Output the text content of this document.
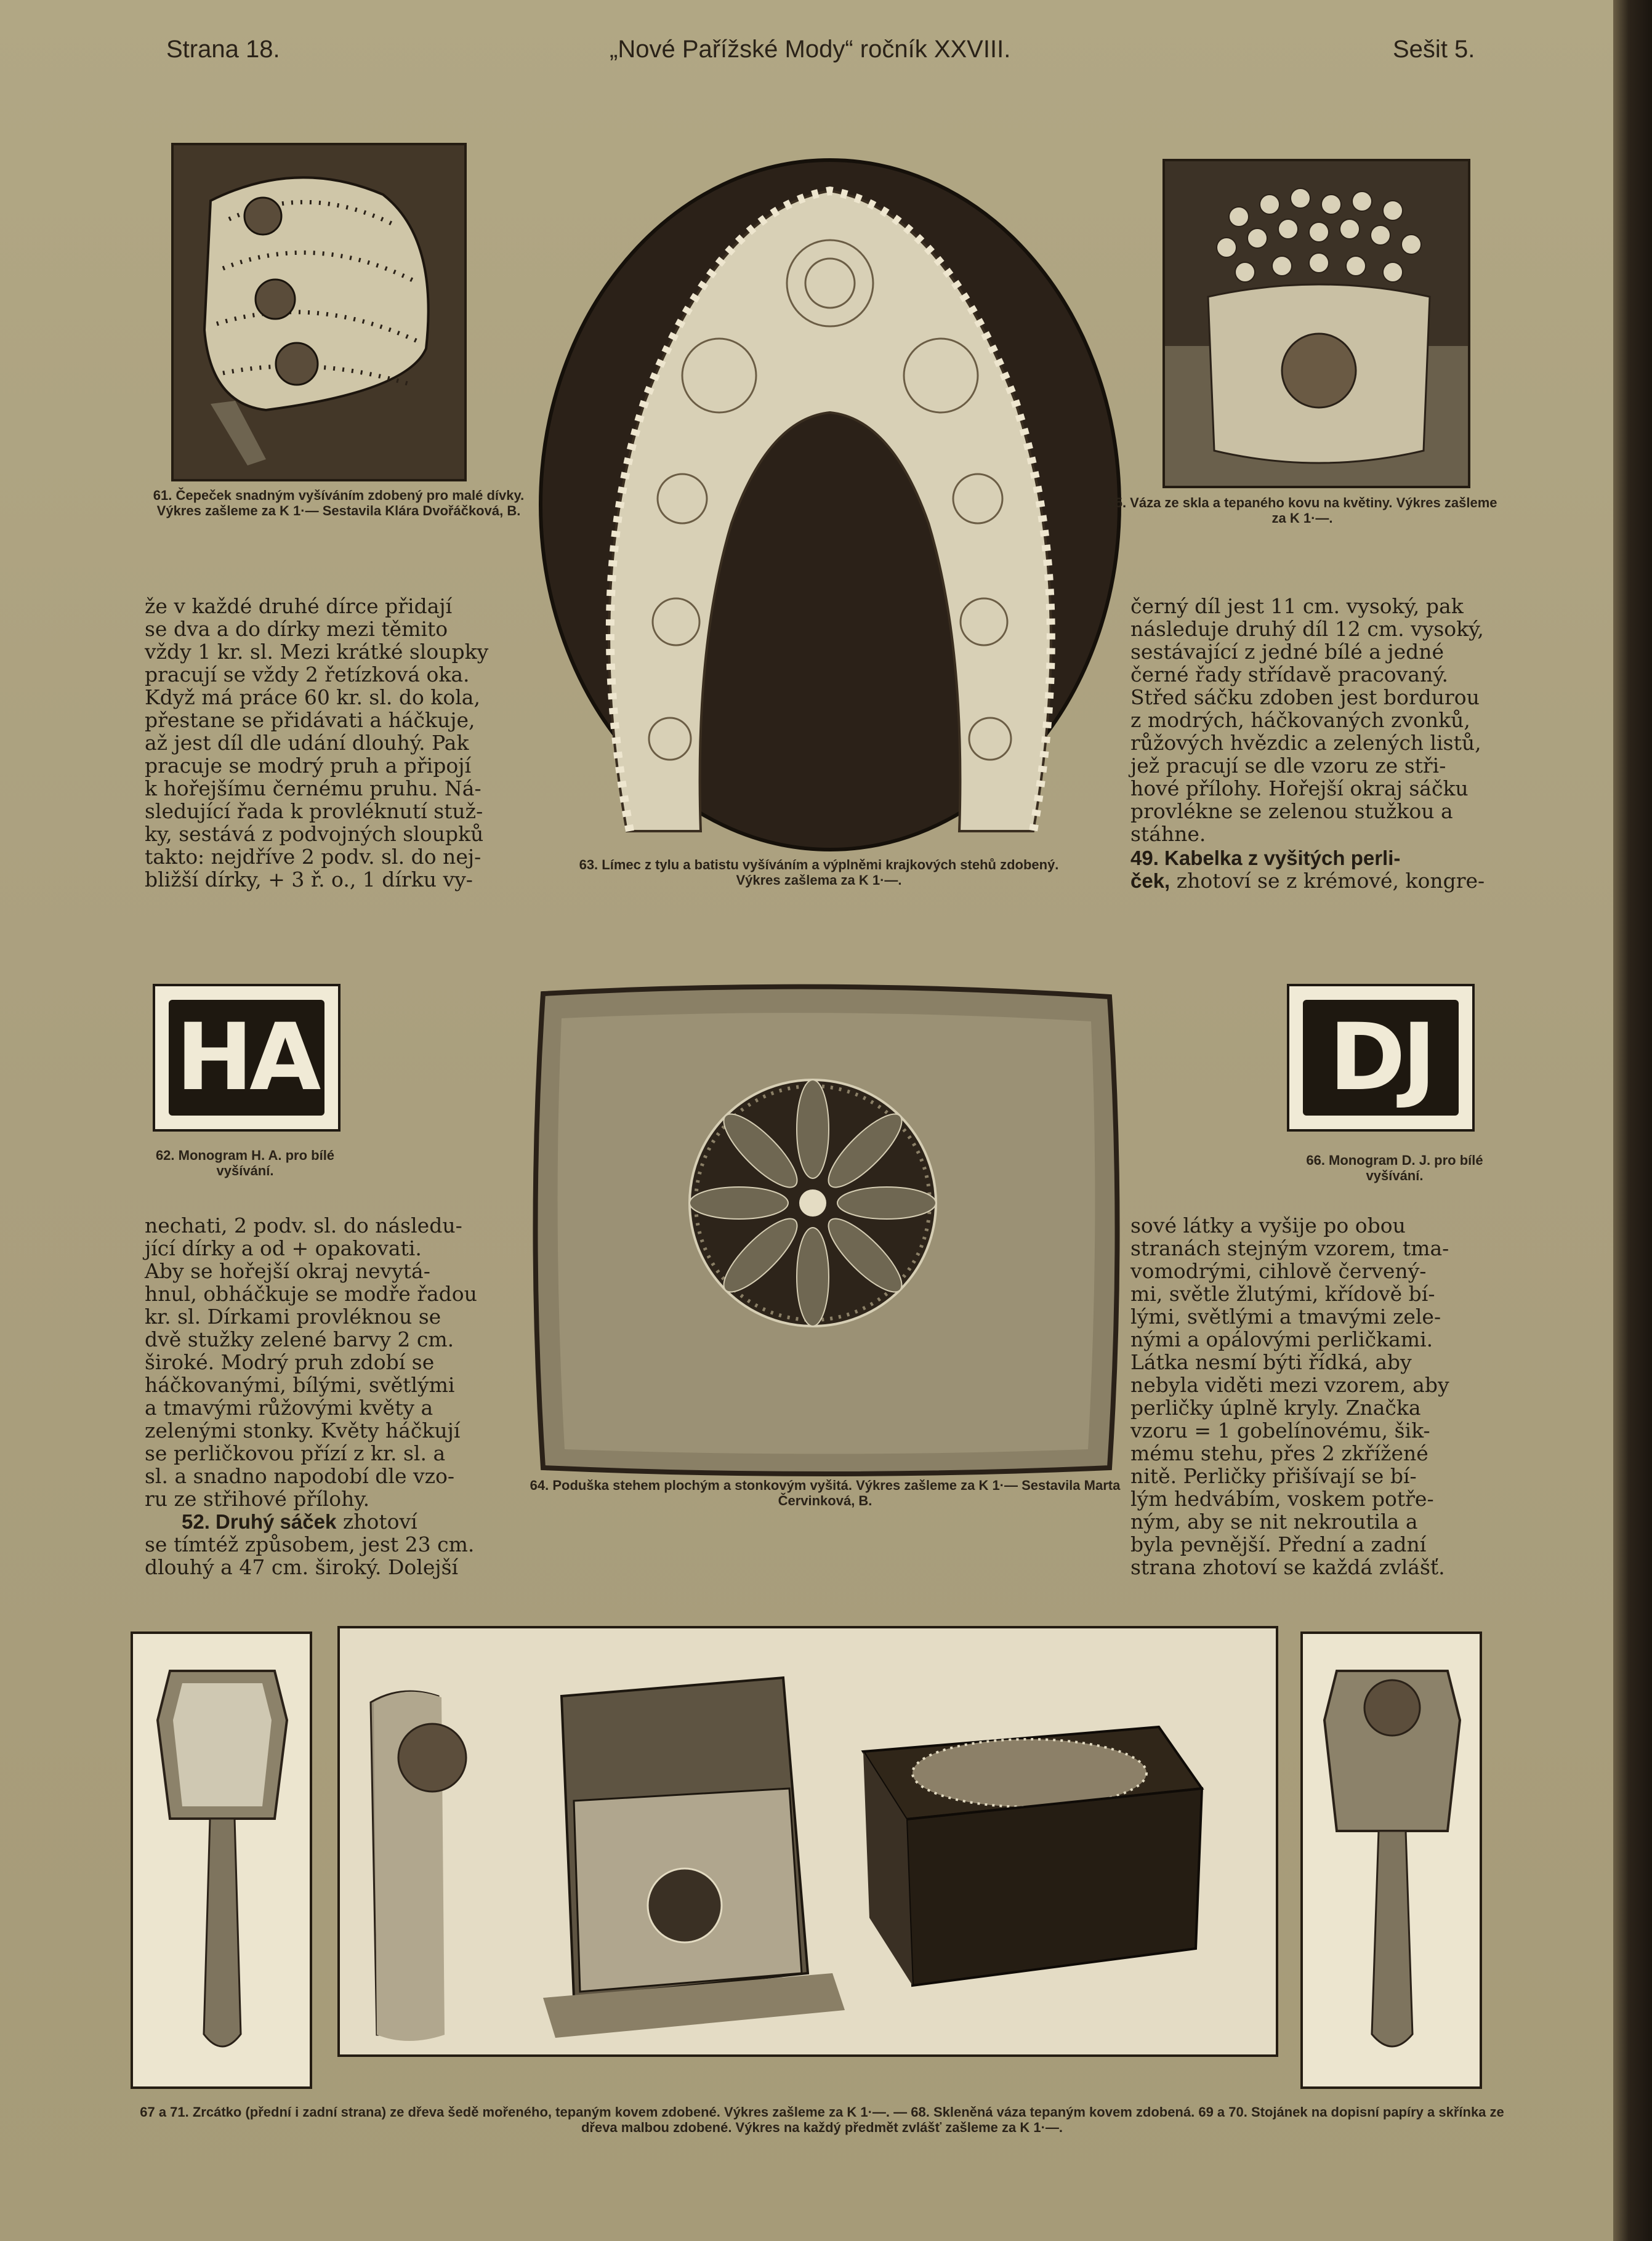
Strana 18.	„Nové Pařížské Mody“ ročník XXVIII.	Sešit 5.
61. Čepeček snadným vyšíváním zdobený pro malé dívky. Výkres zašleme za K 1·— Sestavila Klára Dvořáčková, B.
63. Límec z tylu a batistu vyšíváním a výplněmi krajkových stehů zdobený. Výkres zašlema za K 1·—.
65. Váza ze skla a tepaného kovu na květiny. Výkres zašleme za K 1·—.

že v každé druhé dírce přidají
se dva a do dírky mezi těmito
vždy 1 kr. sl. Mezi krátké sloupky
pracují se vždy 2 řetízková oka.
Když má práce 60 kr. sl. do kola,
přestane se přidávati a háčkuje,
až jest díl dle udání dlouhý. Pak
pracuje se modrý pruh a připojí
k hořejšímu černému pruhu. Ná-
sledující řada k provléknutí stuž-
ky, sestává z podvojných sloupků
takto: nejdříve 2 podv. sl. do nej-
bližší dírky, + 3 ř. o., 1 dírku vy-

černý díl jest 11 cm. vysoký, pak
následuje druhý díl 12 cm. vysoký,
sestávající z jedné bílé a jedné
černé řady střídavě pracovaný.
Střed sáčku zdoben jest bordurou
z modrých, háčkovaných zvonků,
růžových hvězdic a zelených listů,
jež pracují se dle vzoru ze stři-
hové přílohy. Hořejší okraj sáčku
provlékne se zelenou stužkou a
stáhne.

49. Kabelka z vyšitých perli-
ček, zhotoví se z krémové, kongre-

HA
62. Monogram H. A. pro bílé vyšívání.
64. Poduška stehem plochým a stonkovým vyšitá. Výkres zašleme za K 1·— Sestavila Marta Červinková, B.
DJ
66. Monogram D. J. pro bílé vyšívání.

nechati, 2 podv. sl. do následu-
jící dírky a od + opakovati.
Aby se hořejší okraj nevytá-
hnul, obháčkuje se modře řadou
kr. sl. Dírkami provléknou se
dvě stužky zelené barvy 2 cm.
široké. Modrý pruh zdobí se
háčkovanými, bílými, světlými
a tmavými růžovými květy a
zelenými stonky. Květy háčkují
se perličkovou přízí z kr. sl. a
sl. a snadno napodobí dle vzo-
ru ze střihové přílohy.

52. Druhý sáček zhotoví
se tímtéž způsobem, jest 23 cm.
dlouhý a 47 cm. široký. Dolejší

sové látky a vyšije po obou
stranách stejným vzorem, tma-
vomodrými, cihlově červený-
mi, světle žlutými, křídově bí-
lými, světlými a tmavými zele-
nými a opálovými perličkami.
Látka nesmí býti řídká, aby
nebyla viděti mezi vzorem, aby
perličky úplně kryly. Značka
vzoru = 1 gobelínovému, šik-
mému stehu, přes 2 zkřížené
nitě. Perličky přišívají se bí-
lým hedvábím, voskem potře-
ným, aby se nit nekroutila a
byla pevnější. Přední a zadní
strana zhotoví se každá zvlášť.

67 a 71. Zrcátko (přední i zadní strana) ze dřeva šedě mořeného, tepaným kovem zdobené. Výkres zašleme za K 1·—. — 68. Skleněná váza tepaným kovem zdobená. 69 a 70. Stojánek na dopisní papíry a skřínka ze dřeva malbou zdobené. Výkres na každý předmět zvlášť zašleme za K 1·—.
